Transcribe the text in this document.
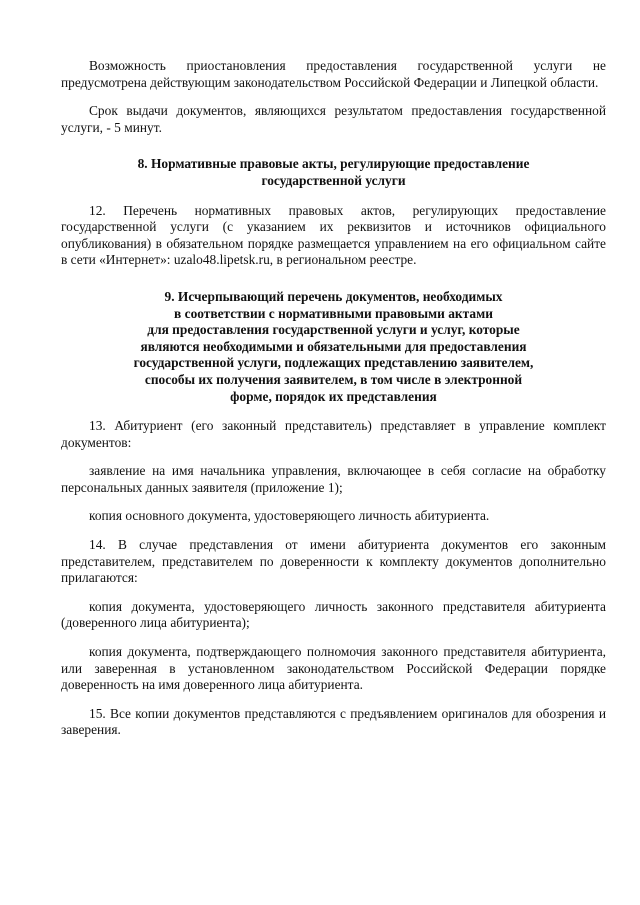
Возможность приостановления предоставления государственной услуги не предусмотрена действующим законодательством Российской Федерации и Липецкой области.

Срок выдачи документов, являющихся результатом предоставления государственной услуги, - 5 минут.

8. Нормативные правовые акты, регулирующие предоставление
государственной услуги

12. Перечень нормативных правовых актов, регулирующих предоставление государственной услуги (с указанием их реквизитов и источников официального опубликования) в обязательном порядке размещается управлением на его официальном сайте в сети «Интернет»: uzalo48.lipetsk.ru, в региональном реестре.

9. Исчерпывающий перечень документов, необходимых
в соответствии с нормативными правовыми актами
для предоставления государственной услуги и услуг, которые
являются необходимыми и обязательными для предоставления
государственной услуги, подлежащих представлению заявителем,
способы их получения заявителем, в том числе в электронной
форме, порядок их представления

13. Абитуриент (его законный представитель) представляет в управление комплект документов:

заявление на имя начальника управления, включающее в себя согласие на обработку персональных данных заявителя (приложение 1);

копия основного документа, удостоверяющего личность абитуриента.

14. В случае представления от имени абитуриента документов его законным представителем, представителем по доверенности к комплекту документов дополнительно прилагаются:

копия документа, удостоверяющего личность законного представителя абитуриента (доверенного лица абитуриента);

копия документа, подтверждающего полномочия законного представителя абитуриента, или заверенная в установленном законодательством Российской Федерации порядке доверенность на имя доверенного лица абитуриента.

15. Все копии документов представляются с предъявлением оригиналов для обозрения и заверения.
